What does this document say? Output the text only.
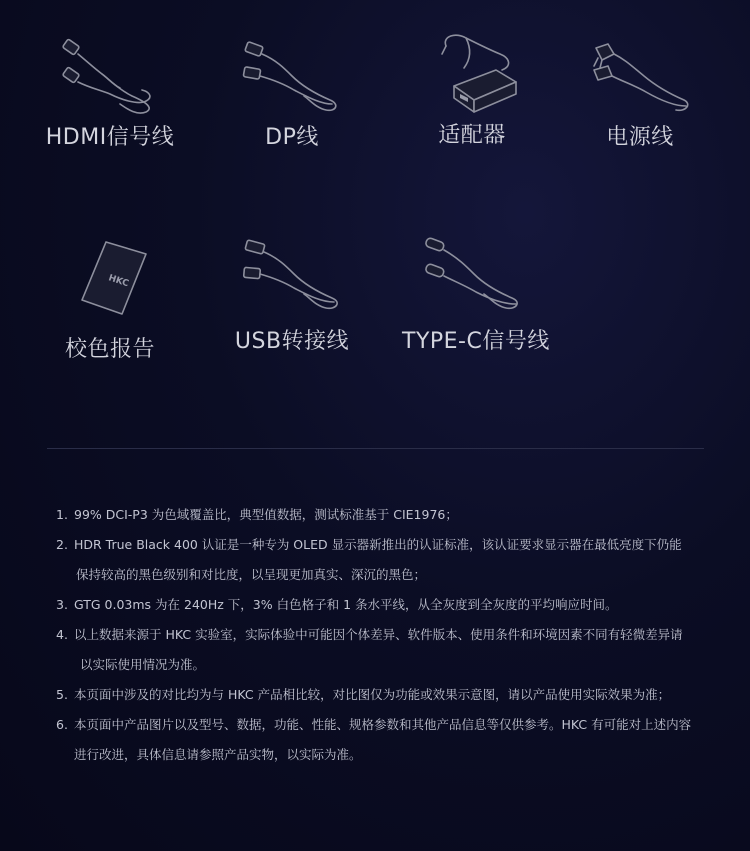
HDMI信号线	DP线	适配器	电源线
HKC
校色报告	USB转接线	TYPE-C信号线
1. 99% DCI-P3 为色域覆盖比，典型值数据，测试标准基于 CIE1976；
2. HDR True Black 400 认证是一种专为 OLED 显示器新推出的认证标准，该认证要求显示器在最低亮度下仍能
保持较高的黑色级别和对比度，以呈现更加真实、深沉的黑色；
3. GTG 0.03ms 为在 240Hz 下，3% 白色格子和 1 条水平线，从全灰度到全灰度的平均响应时间。
4. 以上数据来源于 HKC 实验室，实际体验中可能因个体差异、软件版本、使用条件和环境因素不同有轻微差异请
以实际使用情况为准。
5. 本页面中涉及的对比均为与 HKC 产品相比较，对比图仅为功能或效果示意图，请以产品使用实际效果为准；
6. 本页面中产品图片以及型号、数据，功能、性能、规格参数和其他产品信息等仅供参考。HKC 有可能对上述内容
进行改进，具体信息请参照产品实物，以实际为准。
